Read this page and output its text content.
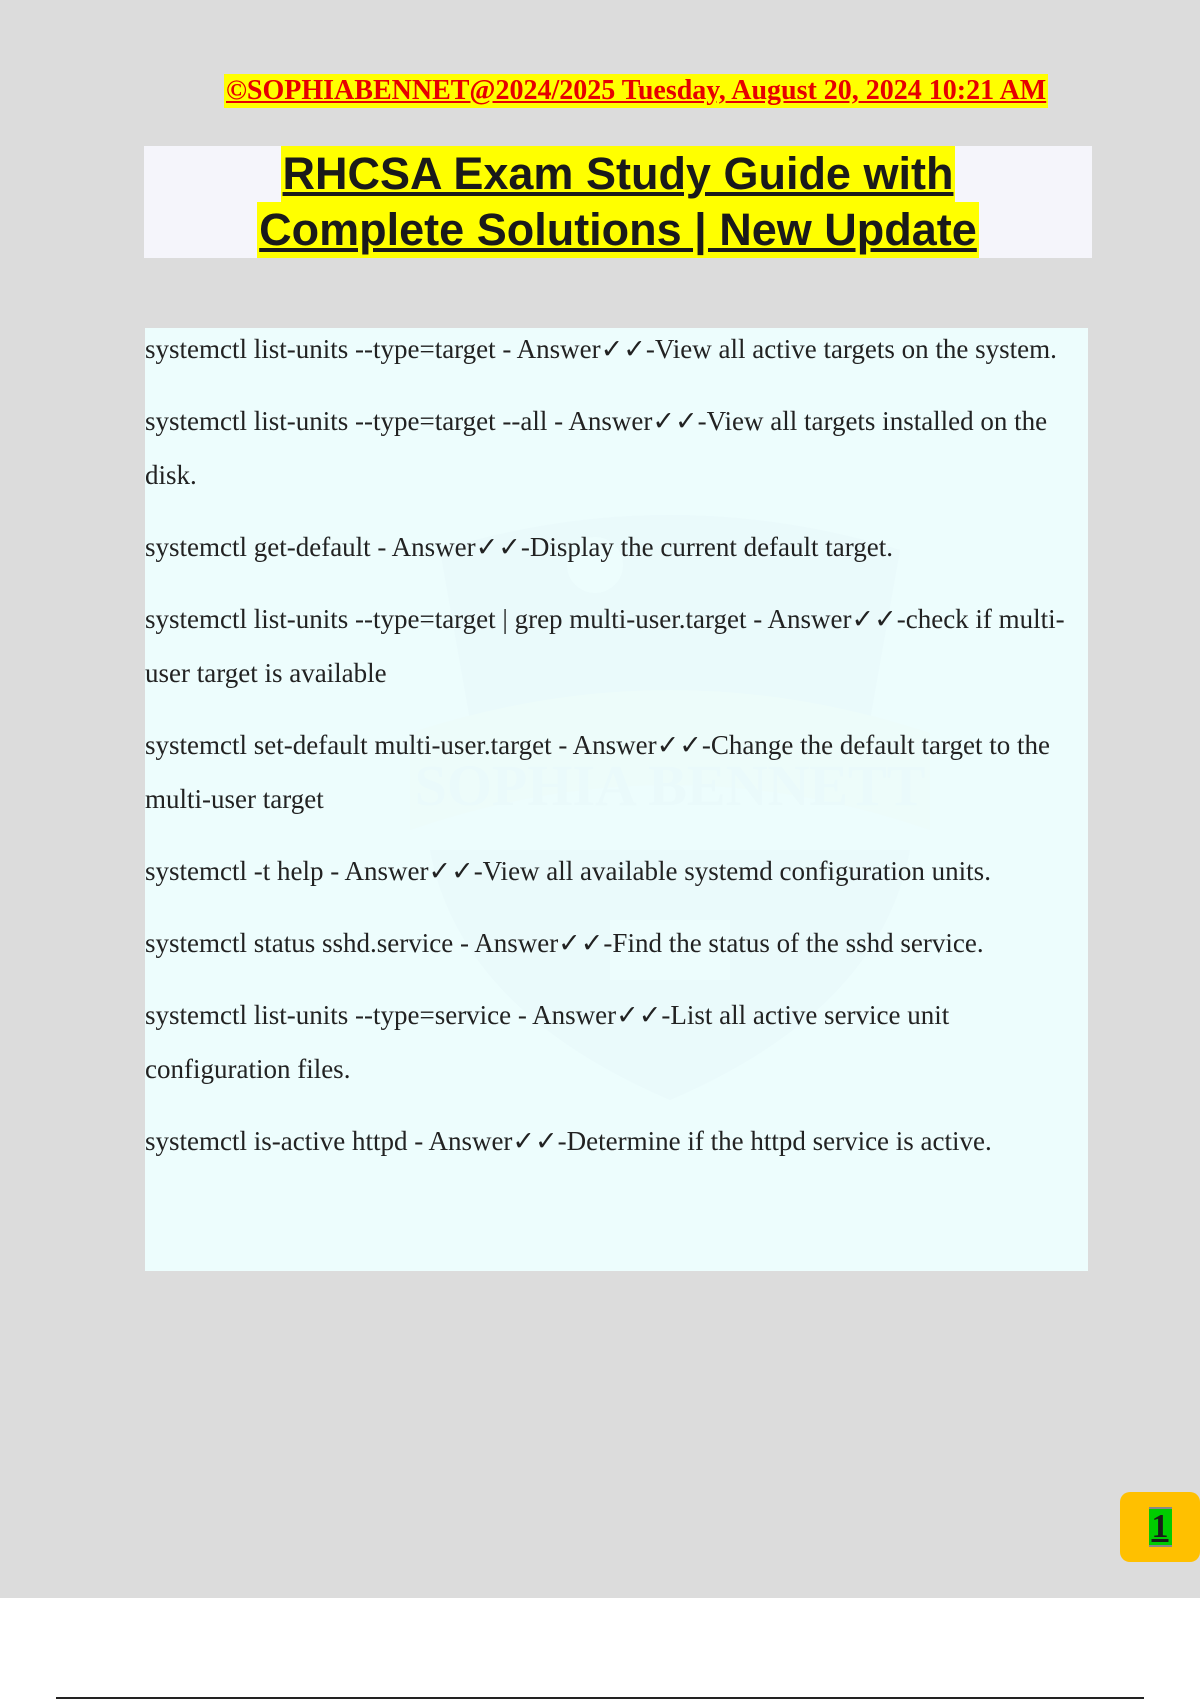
©SOPHIABENNET@2024/2025 Tuesday, August 20, 2024 10:21 AM
RHCSA Exam Study Guide with
Complete Solutions | New Update
systemctl list-units --type=target - Answer✓✓-View all active targets on the system.
systemctl list-units --type=target --all - Answer✓✓-View all targets installed on the disk.
systemctl get-default - Answer✓✓-Display the current default target.
systemctl list-units --type=target | grep multi-user.target - Answer✓✓-check if multi-user target is available
systemctl set-default multi-user.target - Answer✓✓-Change the default target to the multi-user target
systemctl -t help - Answer✓✓-View all available systemd configuration units.
systemctl status sshd.service - Answer✓✓-Find the status of the sshd service.
systemctl list-units --type=service - Answer✓✓-List all active service unit configuration files.
systemctl is-active httpd - Answer✓✓-Determine if the httpd service is active.
1
